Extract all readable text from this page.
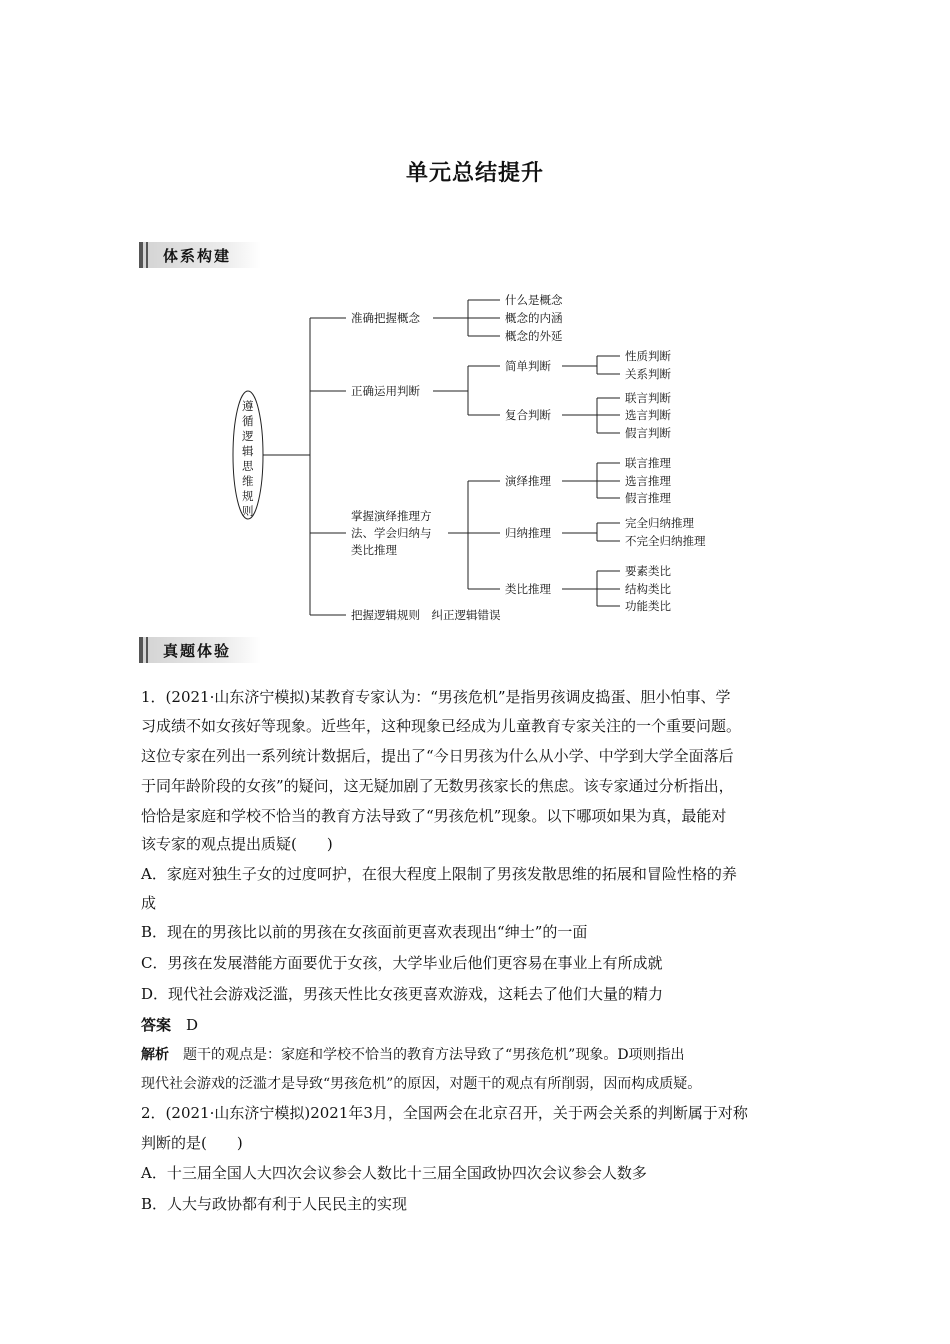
单元总结提升
体系构建
遵
循
逻
辑
思
维
规
则
准确把握概念
什么是概念
概念的内涵
概念的外延
正确运用判断
简单判断
性质判断
关系判断
复合判断
联言判断
选言判断
假言判断
掌握演绎推理方
法、学会归纳与
类比推理
演绎推理
联言推理
选言推理
假言推理
归纳推理
完全归纳推理
不完全归纳推理
类比推理
要素类比
结构类比
功能类比
把握逻辑规则　纠正逻辑错误
真题体验
1．(2021·山东济宁模拟)某教育专家认为：“男孩危机”是指男孩调皮捣蛋、胆小怕事、学
习成绩不如女孩好等现象。近些年，这种现象已经成为儿童教育专家关注的一个重要问题。
这位专家在列出一系列统计数据后，提出了“今日男孩为什么从小学、中学到大学全面落后
于同年龄阶段的女孩”的疑问，这无疑加剧了无数男孩家长的焦虑。该专家通过分析指出，
恰恰是家庭和学校不恰当的教育方法导致了“男孩危机”现象。以下哪项如果为真，最能对
该专家的观点提出质疑(　　)
A．家庭对独生子女的过度呵护，在很大程度上限制了男孩发散思维的拓展和冒险性格的养
成
B．现在的男孩比以前的男孩在女孩面前更喜欢表现出“绅士”的一面
C．男孩在发展潜能方面要优于女孩，大学毕业后他们更容易在事业上有所成就
D．现代社会游戏泛滥，男孩天性比女孩更喜欢游戏，这耗去了他们大量的精力
答案　 D
解析　 题干的观点是：家庭和学校不恰当的教育方法导致了“男孩危机”现象。D项则指出
现代社会游戏的泛滥才是导致“男孩危机”的原因，对题干的观点有所削弱，因而构成质疑。
2．(2021·山东济宁模拟)2021年3月，全国两会在北京召开，关于两会关系的判断属于对称
判断的是(　　)
A．十三届全国人大四次会议参会人数比十三届全国政协四次会议参会人数多
B．人大与政协都有利于人民民主的实现
